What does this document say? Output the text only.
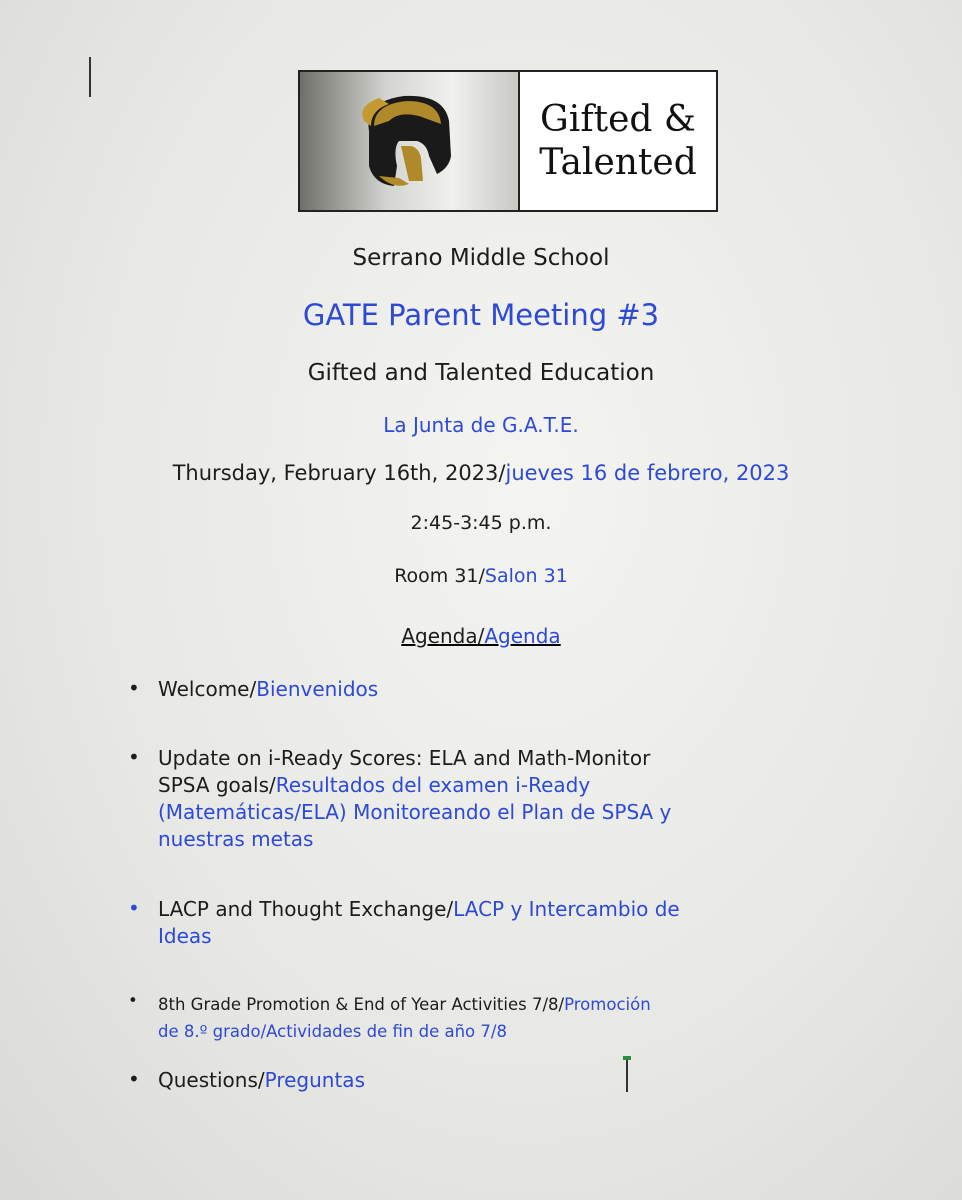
Gifted &
Talented
Serrano Middle School
GATE Parent Meeting #3
Gifted and Talented Education
La Junta de G.A.T.E.
Thursday, February 16th, 2023/jueves 16 de febrero, 2023
2:45-3:45 p.m.
Room 31/Salon 31
Agenda/Agenda
• Welcome/Bienvenidos
• Update on i-Ready Scores: ELA and Math-Monitor
SPSA goals/Resultados del examen i-Ready
(Matemáticas/ELA) Monitoreando el Plan de SPSA y
nuestras metas
• LACP and Thought Exchange/LACP y Intercambio de
Ideas
• 8th Grade Promotion & End of Year Activities 7/8/Promoción
de 8.º grado/Actividades de fin de año 7/8
• Questions/Preguntas
